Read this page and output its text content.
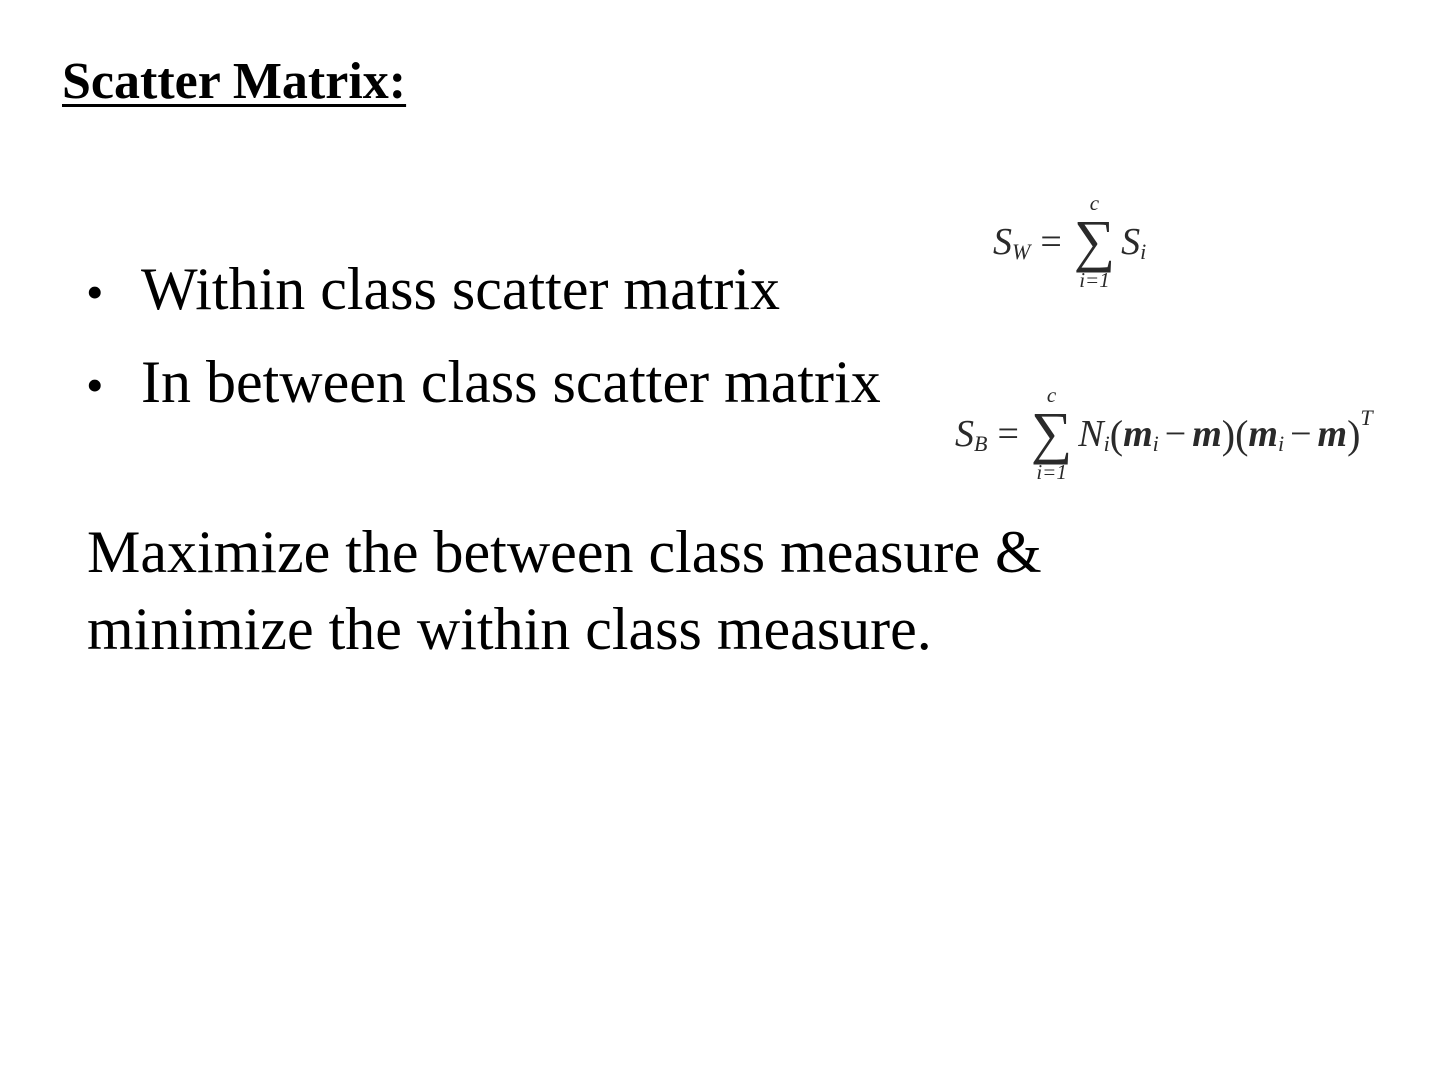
Scatter Matrix:
• Within class scatter matrix
• In between class scatter matrix
S W =
c
∑
i=1
S i
S B =
c
∑
i=1
N i ( m i − m ) ( m i − m ) T

Maximize the between class measure &
minimize the within class measure.
